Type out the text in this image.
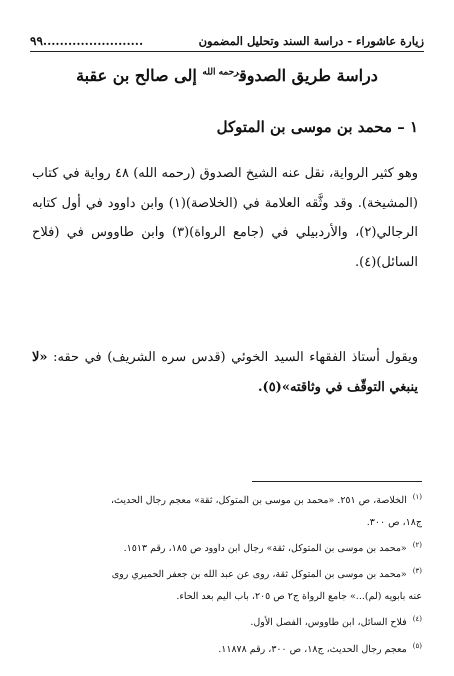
زيارة عاشوراء - دراسة السند وتحليل المضمون
........................٩٩
دراسة طريق الصدوق$^{رحمه الله}$ إلى صالح بن عقبة
١ – محمد بن موسى بن المتوكل

وهو كثير الرواية، نقل عنه الشيخ الصدوق (رحمه الله) ٤٨ رواية في كتاب (المشيخة). وقد وثَّقه العلامة في (الخلاصة)(١) وابن داوود في أول كتابه الرجالي(٢)، والأردبيلي في (جامع الرواة)(٣) وابن طاووس في (فلاح السائل)(٤).

ويقول أستاذ الفقهاء السيد الخوئي (قدس سره الشريف) في حقه: «لا ينبغي التوقّف في وثاقته»(٥).

$^{(١)}$ الخلاصة، ص ٢٥١. «محمد بن موسى بن المتوكل، ثقة» معجم رجال الحديث،
ج١٨، ص ٣٠٠.

$^{(٢)}$ «محمد بن موسى بن المتوكل، ثقة» رجال ابن داوود ص ١٨٥، رقم ١٥١٣.

$^{(٣)}$ «محمد بن موسى بن المتوكل ثقة، روى عن عبد الله بن جعفر الحميري روى
عنه بابويه (لم)...» جامع الرواة ج٢ ص ٢٠٥، باب اليم بعد الحاء.

$^{(٤)}$ فلاح السائل، ابن طاووس، الفصل الأول.

$^{(٥)}$ معجم رجال الحديث، ج١٨، ص ٣٠٠، رقم ١١٨٧٨.
